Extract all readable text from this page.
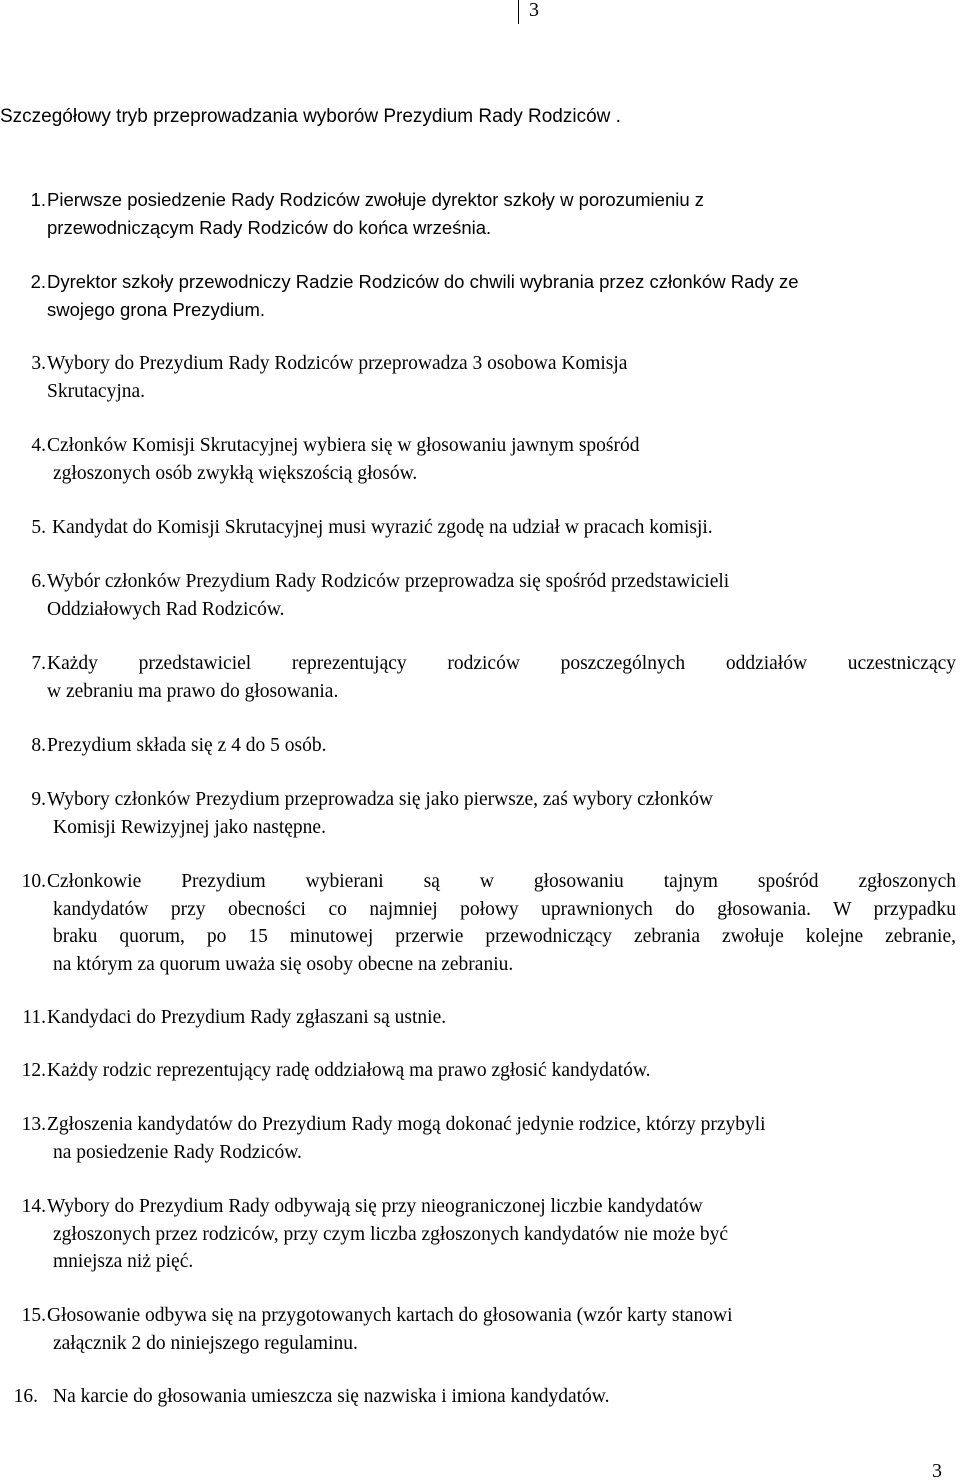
3
Szczegółowy tryb przeprowadzania wyborów Prezydium Rady Rodziców .
1. Pierwsze posiedzenie Rady Rodziców zwołuje dyrektor szkoły w porozumieniu z
przewodniczącym Rady Rodziców do końca września.
2. Dyrektor szkoły przewodniczy Radzie Rodziców do chwili wybrania przez członków Rady ze
swojego grona Prezydium.
3. Wybory do Prezydium Rady Rodziców przeprowadza 3 osobowa Komisja
Skrutacyjna.
4. Członków Komisji Skrutacyjnej wybiera się w głosowaniu jawnym spośród
zgłoszonych osób zwykłą większością głosów.
5. Kandydat do Komisji Skrutacyjnej musi wyrazić zgodę na udział w pracach komisji.
6. Wybór członków Prezydium Rady Rodziców przeprowadza się spośród przedstawicieli
Oddziałowych Rad Rodziców.
7. Każdy przedstawiciel reprezentujący rodziców poszczególnych oddziałów uczestniczący
w zebraniu ma prawo do głosowania.
8. Prezydium składa się z 4 do 5 osób.
9. Wybory członków Prezydium przeprowadza się jako pierwsze, zaś wybory członków
Komisji Rewizyjnej jako następne.
10. Członkowie Prezydium wybierani są w głosowaniu tajnym spośród zgłoszonych
kandydatów przy obecności co najmniej połowy uprawnionych do głosowania. W przypadku
braku quorum, po 15 minutowej przerwie przewodniczący zebrania zwołuje kolejne zebranie,
na którym za quorum uważa się osoby obecne na zebraniu.
11. Kandydaci do Prezydium Rady zgłaszani są ustnie.
12. Każdy rodzic reprezentujący radę oddziałową ma prawo zgłosić kandydatów.
13. Zgłoszenia kandydatów do Prezydium Rady mogą dokonać jedynie rodzice, którzy przybyli
na posiedzenie Rady Rodziców.
14. Wybory do Prezydium Rady odbywają się przy nieograniczonej liczbie kandydatów
zgłoszonych przez rodziców, przy czym liczba zgłoszonych kandydatów nie może być
mniejsza niż pięć.
15. Głosowanie odbywa się na przygotowanych kartach do głosowania (wzór karty stanowi
załącznik 2 do niniejszego regulaminu.
16. Na karcie do głosowania umieszcza się nazwiska i imiona kandydatów.
3
